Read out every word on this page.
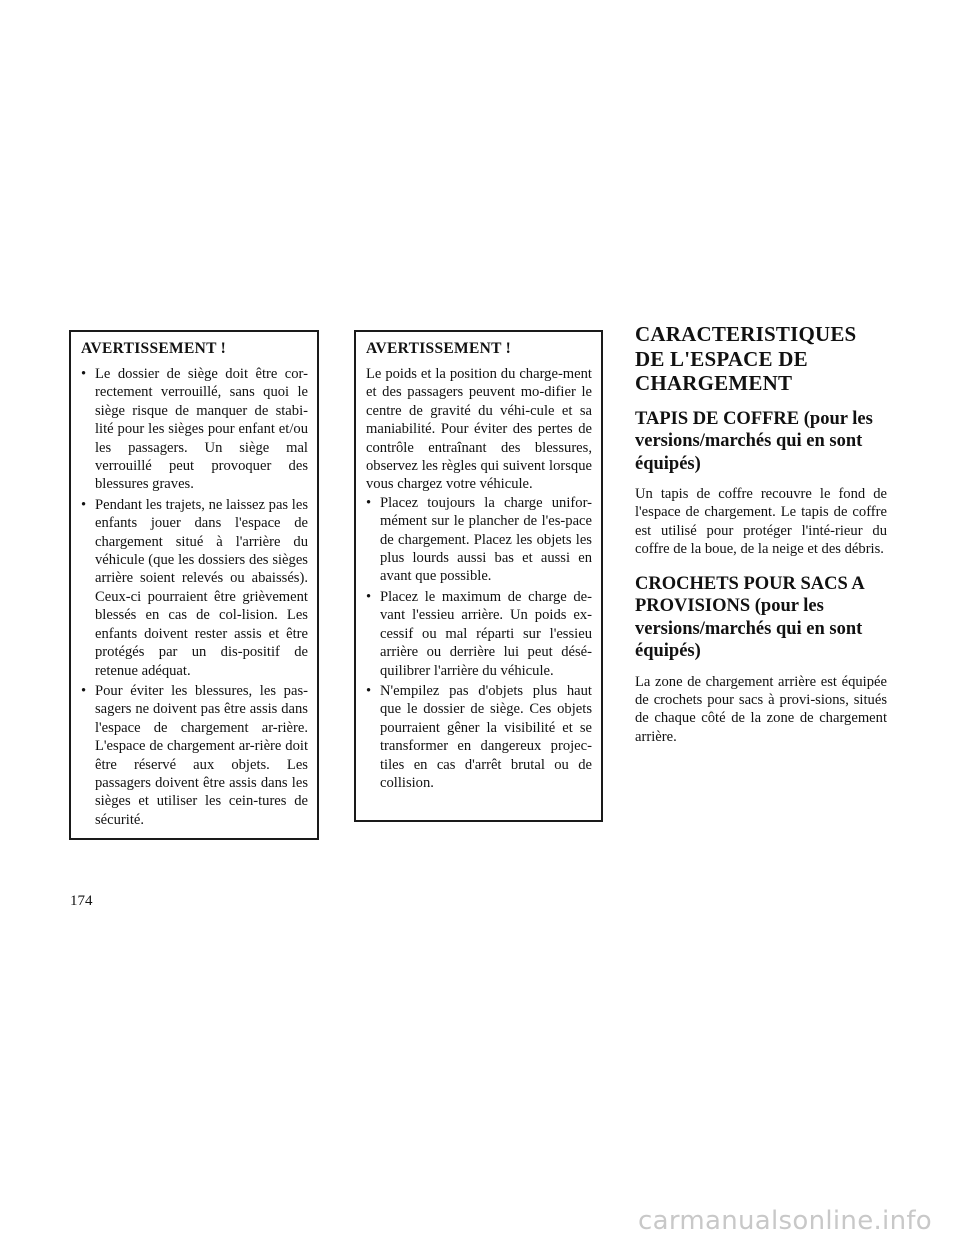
AVERTISSEMENT !
• Le dossier de siège doit être cor-rectement verrouillé, sans quoi le siège risque de manquer de stabi-lité pour les sièges pour enfant et/ou les passagers. Un siège mal verrouillé peut provoquer des blessures graves.
• Pendant les trajets, ne laissez pas les enfants jouer dans l'espace de chargement situé à l'arrière du véhicule (que les dossiers des sièges arrière soient relevés ou abaissés). Ceux-ci pourraient être grièvement blessés en cas de col-lision. Les enfants doivent rester assis et être protégés par un dis-positif de retenue adéquat.
• Pour éviter les blessures, les pas-sagers ne doivent pas être assis dans l'espace de chargement ar-rière. L'espace de chargement ar-rière doit être réservé aux objets. Les passagers doivent être assis dans les sièges et utiliser les cein-tures de sécurité.
AVERTISSEMENT !

Le poids et la position du charge-ment et des passagers peuvent mo-difier le centre de gravité du véhi-cule et sa maniabilité. Pour éviter des pertes de contrôle entraînant des blessures, observez les règles qui suivent lorsque vous chargez votre véhicule.

• Placez toujours la charge unifor-mément sur le plancher de l'es-pace de chargement. Placez les objets les plus lourds aussi bas et aussi en avant que possible.
• Placez le maximum de charge de-vant l'essieu arrière. Un poids ex-cessif ou mal réparti sur l'essieu arrière ou derrière lui peut désé-quilibrer l'arrière du véhicule.
• N'empilez pas d'objets plus haut que le dossier de siège. Ces objets pourraient gêner la visibilité et se transformer en dangereux projec-tiles en cas d'arrêt brutal ou de collision.
CARACTERISTIQUES DE L'ESPACE DE CHARGEMENT
TAPIS DE COFFRE (pour les versions/marchés qui en sont équipés)

Un tapis de coffre recouvre le fond de l'espace de chargement. Le tapis de coffre est utilisé pour protéger l'inté-rieur du coffre de la boue, de la neige et des débris.

CROCHETS POUR SACS A PROVISIONS (pour les versions/marchés qui en sont équipés)

La zone de chargement arrière est équipée de crochets pour sacs à provi-sions, situés de chaque côté de la zone de chargement arrière.

174
carmanualsonline.info
